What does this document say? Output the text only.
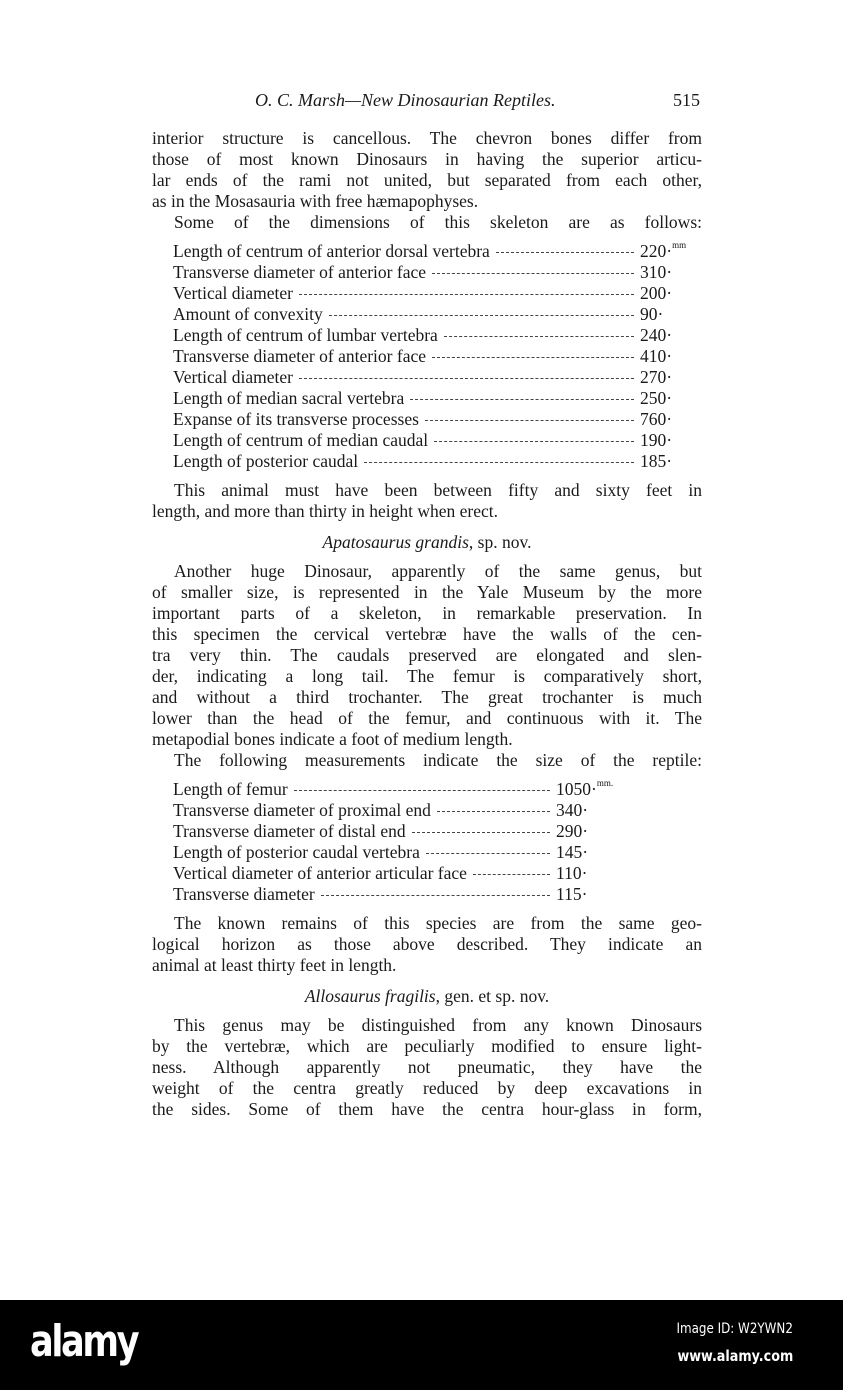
O. C. Marsh—New Dinosaurian Reptiles.	515
interior structure is cancellous. The chevron bones differ from
those of most known Dinosaurs in having the superior articu-
lar ends of the rami not united, but separated from each other,
as in the Mosasauria with free hæmapophyses.
Some of the dimensions of this skeleton are as follows:
Length of centrum of anterior dorsal vertebra	220·$^{mm}$
Transverse diameter of anterior face	310·
Vertical diameter	200·
Amount of convexity	90·
Length of centrum of lumbar vertebra	240·
Transverse diameter of anterior face	410·
Vertical diameter	270·
Length of median sacral vertebra	250·
Expanse of its transverse processes	760·
Length of centrum of median caudal	190·
Length of posterior caudal	185·
This animal must have been between fifty and sixty feet in
length, and more than thirty in height when erect.
Apatosaurus grandis, sp. nov.
Another huge Dinosaur, apparently of the same genus, but
of smaller size, is represented in the Yale Museum by the more
important parts of a skeleton, in remarkable preservation. In
this specimen the cervical vertebræ have the walls of the cen-
tra very thin. The caudals preserved are elongated and slen-
der, indicating a long tail. The femur is comparatively short,
and without a third trochanter. The great trochanter is much
lower than the head of the femur, and continuous with it. The
metapodial bones indicate a foot of medium length.
The following measurements indicate the size of the reptile:
Length of femur	1050·$^{mm.}$
Transverse diameter of proximal end	340·
Transverse diameter of distal end	290·
Length of posterior caudal vertebra	145·
Vertical diameter of anterior articular face	110·
Transverse diameter	115·
The known remains of this species are from the same geo-
logical horizon as those above described. They indicate an
animal at least thirty feet in length.
Allosaurus fragilis, gen. et sp. nov.
This genus may be distinguished from any known Dinosaurs
by the vertebræ, which are peculiarly modified to ensure light-
ness. Although apparently not pneumatic, they have the
weight of the centra greatly reduced by deep excavations in
the sides. Some of them have the centra hour-glass in form,
alamy	Image ID: W2YWN2
www.alamy.com
